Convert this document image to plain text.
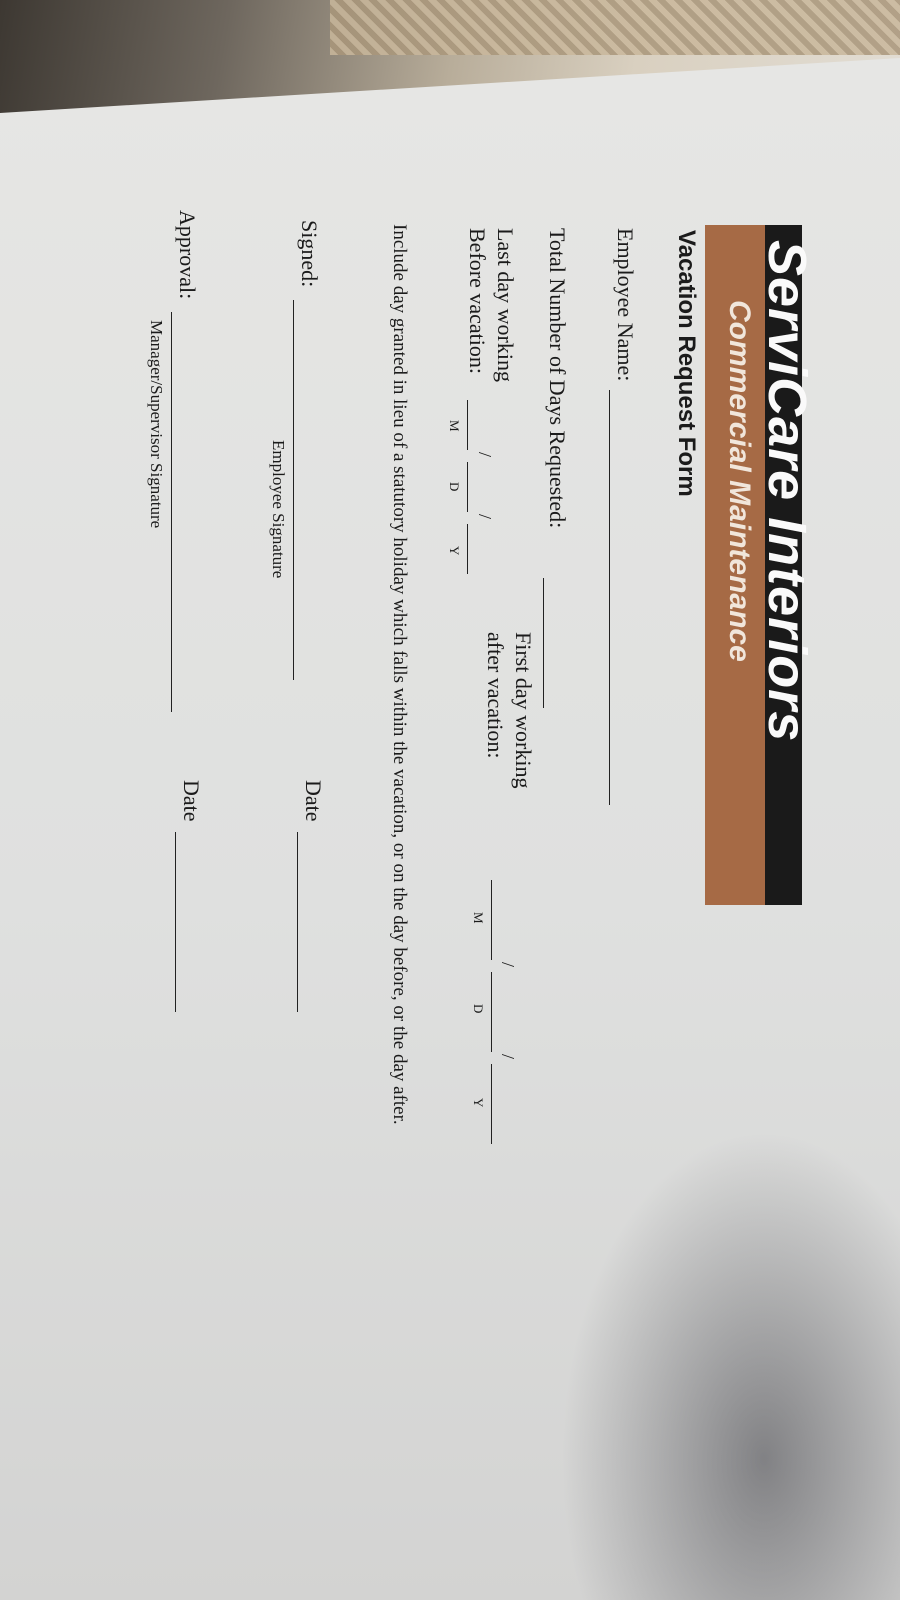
ServiCare Interiors
Commercial Maintenance
Vacation Request Form
Employee Name:
Total Number of Days Requested:
Last day working
Before vacation:
/
/
M
D
Y
First day working
after vacation:
/
/
M
D
Y
Include day granted in lieu of a statutory holiday which falls within the vacation, or on the day before, or the day after.
Signed:
Employee Signature
Date
Approval:
Manager/Supervisor Signature
Date
